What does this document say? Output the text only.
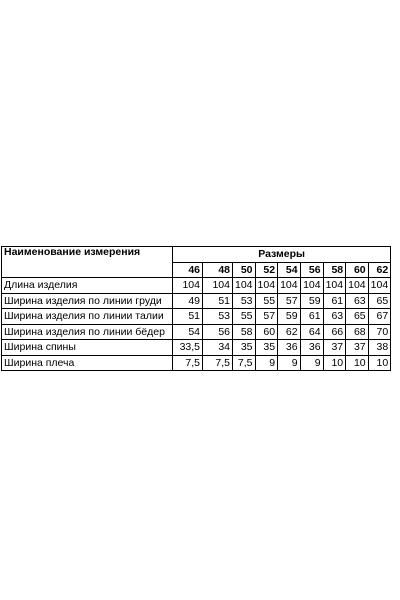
Наименование измерения	Размеры								
	46	48	50	52	54	56	58	60	62
Длина изделия	104	104	104	104	104	104	104	104	104
Ширина изделия по линии груди	49	51	53	55	57	59	61	63	65
Ширина изделия по линии талии	51	53	55	57	59	61	63	65	67
Ширина изделия по линии бёдер	54	56	58	60	62	64	66	68	70
Ширина спины	33,5	34	35	35	36	36	37	37	38
Ширина плеча	7,5	7,5	7,5	9	9	9	10	10	10
